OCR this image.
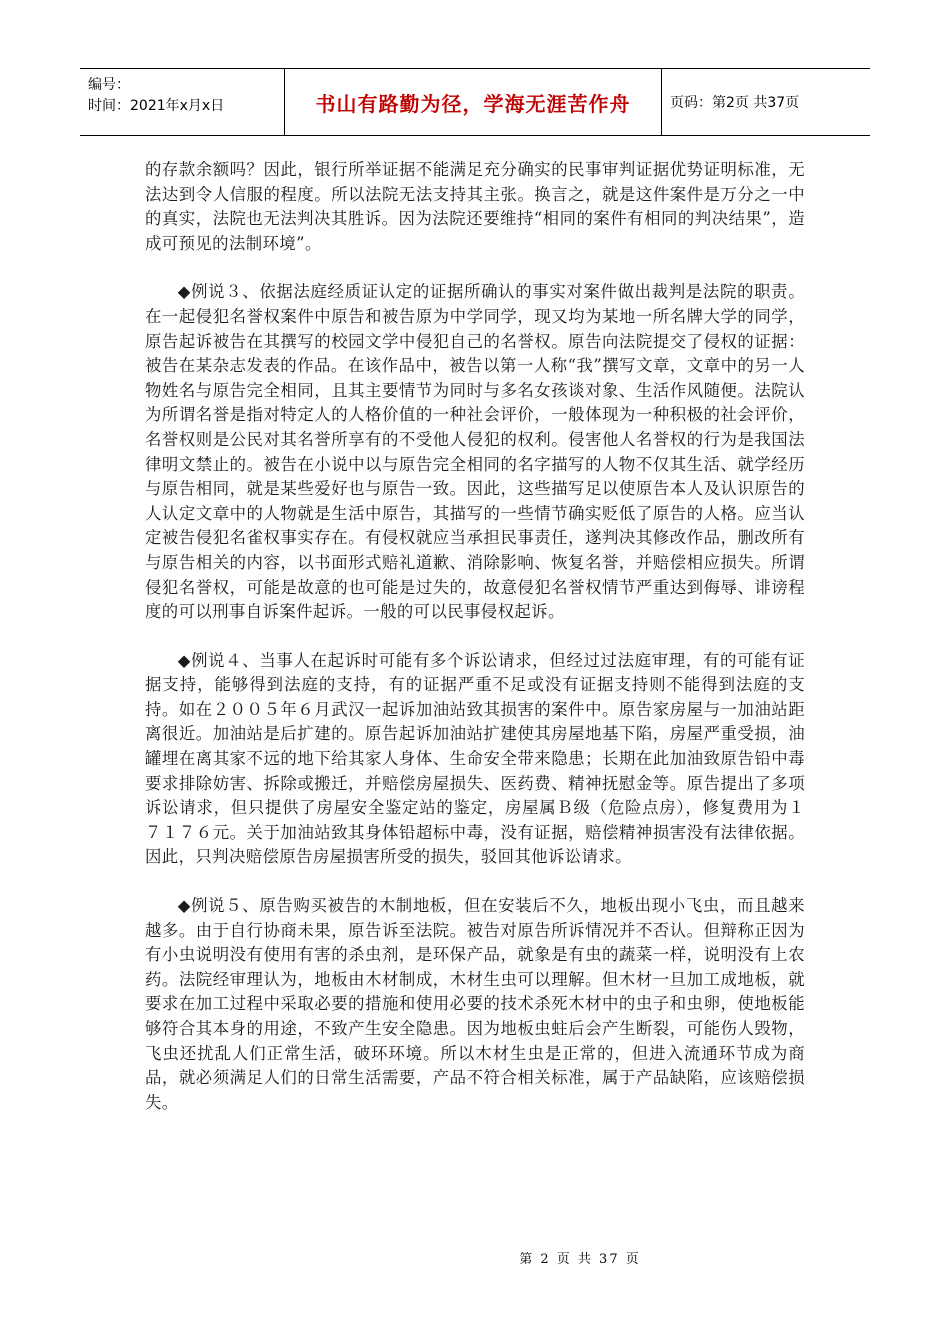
编号：
时间：2021年x月x日	书山有路勤为径，学海无涯苦作舟	页码：第2页 共37页

的存款余额吗？因此，银行所举证据不能满足充分确实的民事审判证据优势证明标准，无法达到令人信服的程度。所以法院无法支持其主张。换言之，就是这件案件是万分之一中的真实，法院也无法判决其胜诉。因为法院还要维持“相同的案件有相同的判决结果”，造成可预见的法制环境”。

◆例说３、依据法庭经质证认定的证据所确认的事实对案件做出裁判是法院的职责。在一起侵犯名誉权案件中原告和被告原为中学同学，现又均为某地一所名牌大学的同学，原告起诉被告在其撰写的校园文学中侵犯自己的名誉权。原告向法院提交了侵权的证据：被告在某杂志发表的作品。在该作品中，被告以第一人称“我”撰写文章，文章中的另一人物姓名与原告完全相同，且其主要情节为同时与多名女孩谈对象、生活作风随便。法院认为所谓名誉是指对特定人的人格价值的一种社会评价，一般体现为一种积极的社会评价，名誉权则是公民对其名誉所享有的不受他人侵犯的权利。侵害他人名誉权的行为是我国法律明文禁止的。被告在小说中以与原告完全相同的名字描写的人物不仅其生活、就学经历与原告相同，就是某些爱好也与原告一致。因此，这些描写足以使原告本人及认识原告的人认定文章中的人物就是生活中原告，其描写的一些情节确实贬低了原告的人格。应当认定被告侵犯名雀权事实存在。有侵权就应当承担民事责任，遂判决其修改作品，删改所有与原告相关的内容，以书面形式赔礼道歉、消除影响、恢复名誉，并赔偿相应损失。所谓侵犯名誉权，可能是故意的也可能是过失的，故意侵犯名誉权情节严重达到侮辱、诽谤程度的可以刑事自诉案件起诉。一般的可以民事侵权起诉。

◆例说４、当事人在起诉时可能有多个诉讼请求，但经过过法庭审理，有的可能有证据支持，能够得到法庭的支持，有的证据严重不足或没有证据支持则不能得到法庭的支持。如在２００５年６月武汉一起诉加油站致其损害的案件中。原告家房屋与一加油站距离很近。加油站是后扩建的。原告起诉加油站扩建使其房屋地基下陷，房屋严重受损，油罐埋在离其家不远的地下给其家人身体、生命安全带来隐患；长期在此加油致原告铅中毒要求排除妨害、拆除或搬迁，并赔偿房屋损失、医药费、精神抚慰金等。原告提出了多项诉讼请求，但只提供了房屋安全鉴定站的鉴定，房屋属Ｂ级（危险点房），修复费用为１７１７６元。关于加油站致其身体铅超标中毒，没有证据，赔偿精神损害没有法律依据。因此，只判决赔偿原告房屋损害所受的损失，驳回其他诉讼请求。

◆例说５、原告购买被告的木制地板，但在安装后不久，地板出现小飞虫，而且越来越多。由于自行协商未果，原告诉至法院。被告对原告所诉情况并不否认。但辩称正因为有小虫说明没有使用有害的杀虫剂，是环保产品，就象是有虫的蔬菜一样，说明没有上农药。法院经审理认为，地板由木材制成，木材生虫可以理解。但木材一旦加工成地板，就要求在加工过程中采取必要的措施和使用必要的技术杀死木材中的虫子和虫卵，使地板能够符合其本身的用途，不致产生安全隐患。因为地板虫蛀后会产生断裂，可能伤人毁物，飞虫还扰乱人们正常生活，破环环境。所以木材生虫是正常的，但进入流通环节成为商品，就必须满足人们的日常生活需要，产品不符合相关标准，属于产品缺陷，应该赔偿损失。

第 2 页 共 37 页
